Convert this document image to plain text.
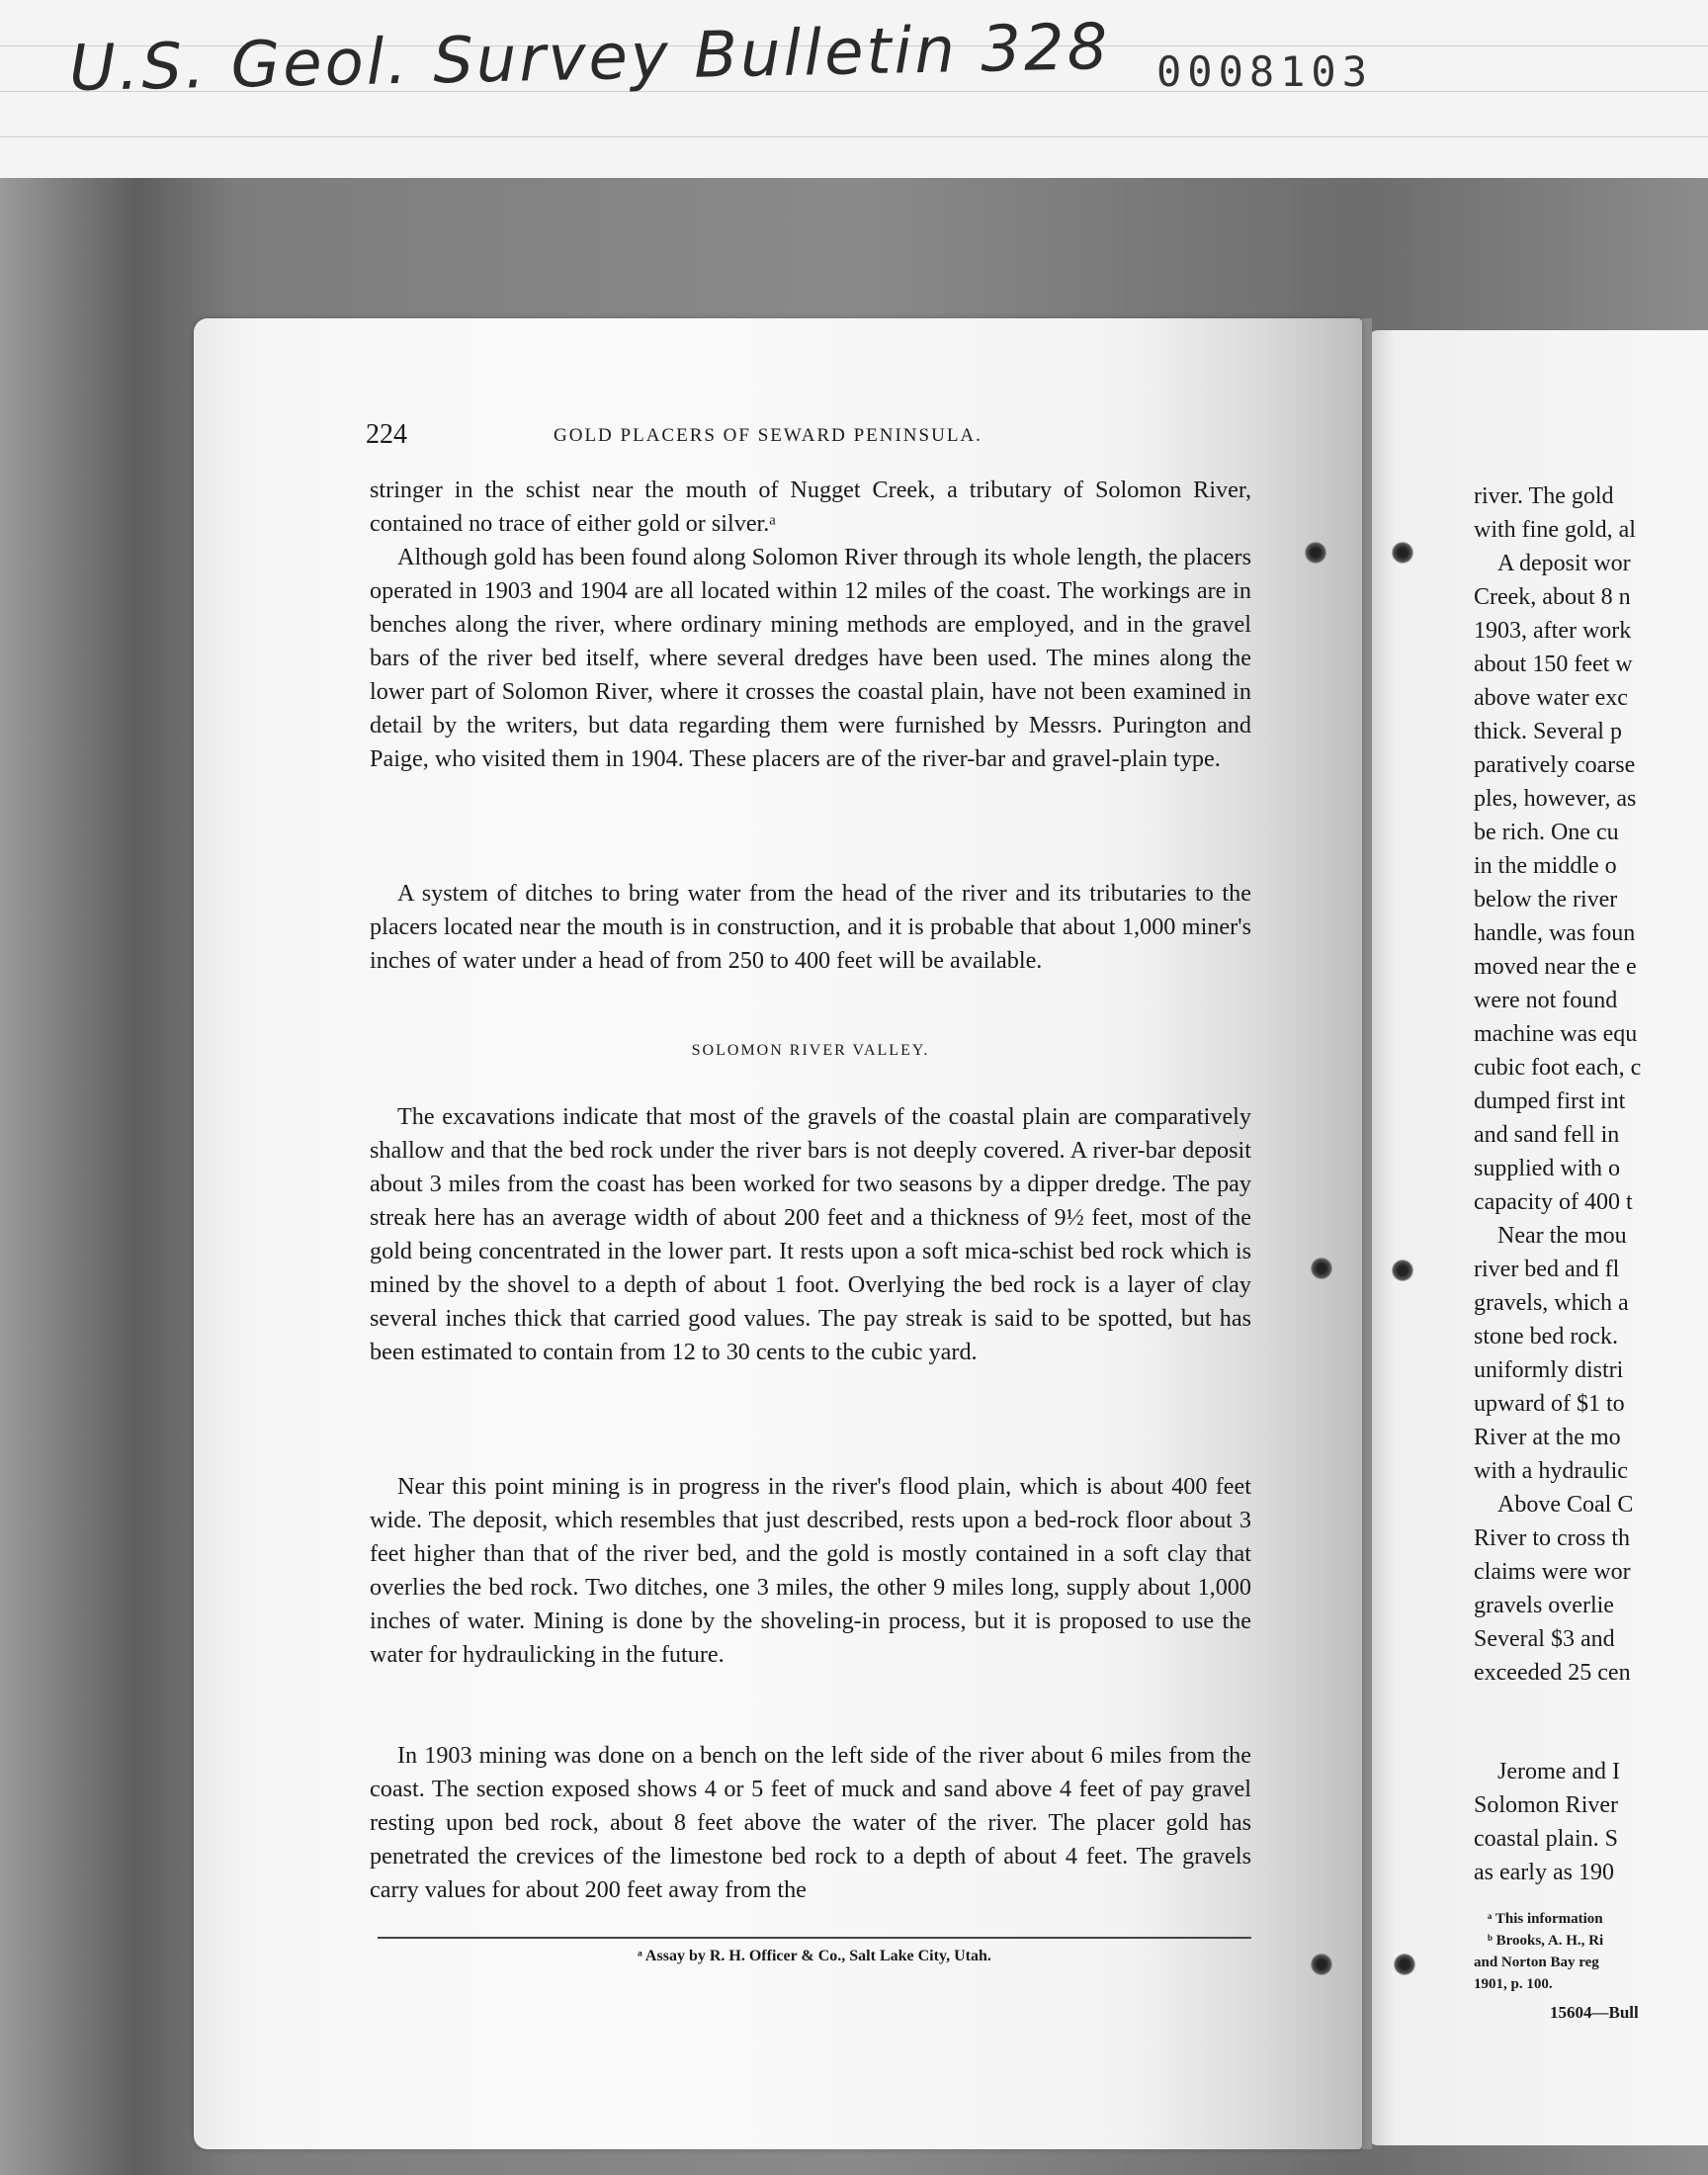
U.S. Geol. Survey Bulletin 328 0008103
224	GOLD PLACERS OF SEWARD PENINSULA.

stringer in the schist near the mouth of Nugget Creek, a tributary of Solomon River, contained no trace of either gold or silver.ᵃ

Although gold has been found along Solomon River through its whole length, the placers operated in 1903 and 1904 are all located within 12 miles of the coast. The workings are in benches along the river, where ordinary mining methods are employed, and in the gravel bars of the river bed itself, where several dredges have been used. The mines along the lower part of Solomon River, where it crosses the coastal plain, have not been examined in detail by the writers, but data regarding them were furnished by Messrs. Purington and Paige, who visited them in 1904. These placers are of the river-bar and gravel-plain type.

A system of ditches to bring water from the head of the river and its tributaries to the placers located near the mouth is in construction, and it is probable that about 1,000 miner's inches of water under a head of from 250 to 400 feet will be available.

SOLOMON RIVER VALLEY.

The excavations indicate that most of the gravels of the coastal plain are comparatively shallow and that the bed rock under the river bars is not deeply covered. A river-bar deposit about 3 miles from the coast has been worked for two seasons by a dipper dredge. The pay streak here has an average width of about 200 feet and a thickness of 9½ feet, most of the gold being concentrated in the lower part. It rests upon a soft mica-schist bed rock which is mined by the shovel to a depth of about 1 foot. Overlying the bed rock is a layer of clay several inches thick that carried good values. The pay streak is said to be spotted, but has been estimated to contain from 12 to 30 cents to the cubic yard.

Near this point mining is in progress in the river's flood plain, which is about 400 feet wide. The deposit, which resembles that just described, rests upon a bed-rock floor about 3 feet higher than that of the river bed, and the gold is mostly contained in a soft clay that overlies the bed rock. Two ditches, one 3 miles, the other 9 miles long, supply about 1,000 inches of water. Mining is done by the shoveling-in process, but it is proposed to use the water for hydraulicking in the future.

In 1903 mining was done on a bench on the left side of the river about 6 miles from the coast. The section exposed shows 4 or 5 feet of muck and sand above 4 feet of pay gravel resting upon bed rock, about 8 feet above the water of the river. The placer gold has penetrated the crevices of the limestone bed rock to a depth of about 4 feet. The gravels carry values for about 200 feet away from the

ᵃ Assay by R. H. Officer & Co., Salt Lake City, Utah.

river. The gold

with fine gold, al

A deposit wor

Creek, about 8 n

1903, after work

about 150 feet w

above water exc

thick. Several p

paratively coarse

ples, however, as

be rich. One cu

in the middle o

below the river

handle, was foun

moved near the e

were not found

machine was equ

cubic foot each, c

dumped first int

and sand fell in

supplied with o

capacity of 400 t

Near the mou

river bed and fl

gravels, which a

stone bed rock.

uniformly distri

upward of $1 to

River at the mo

with a hydraulic

Above Coal C

River to cross th

claims were wor

gravels overlie

Several $3 and

exceeded 25 cen

Jerome and I

Solomon River

coastal plain. S

as early as 190

ᵃ This information

ᵇ Brooks, A. H., Ri

and Norton Bay reg

1901, p. 100.

15604—Bull
